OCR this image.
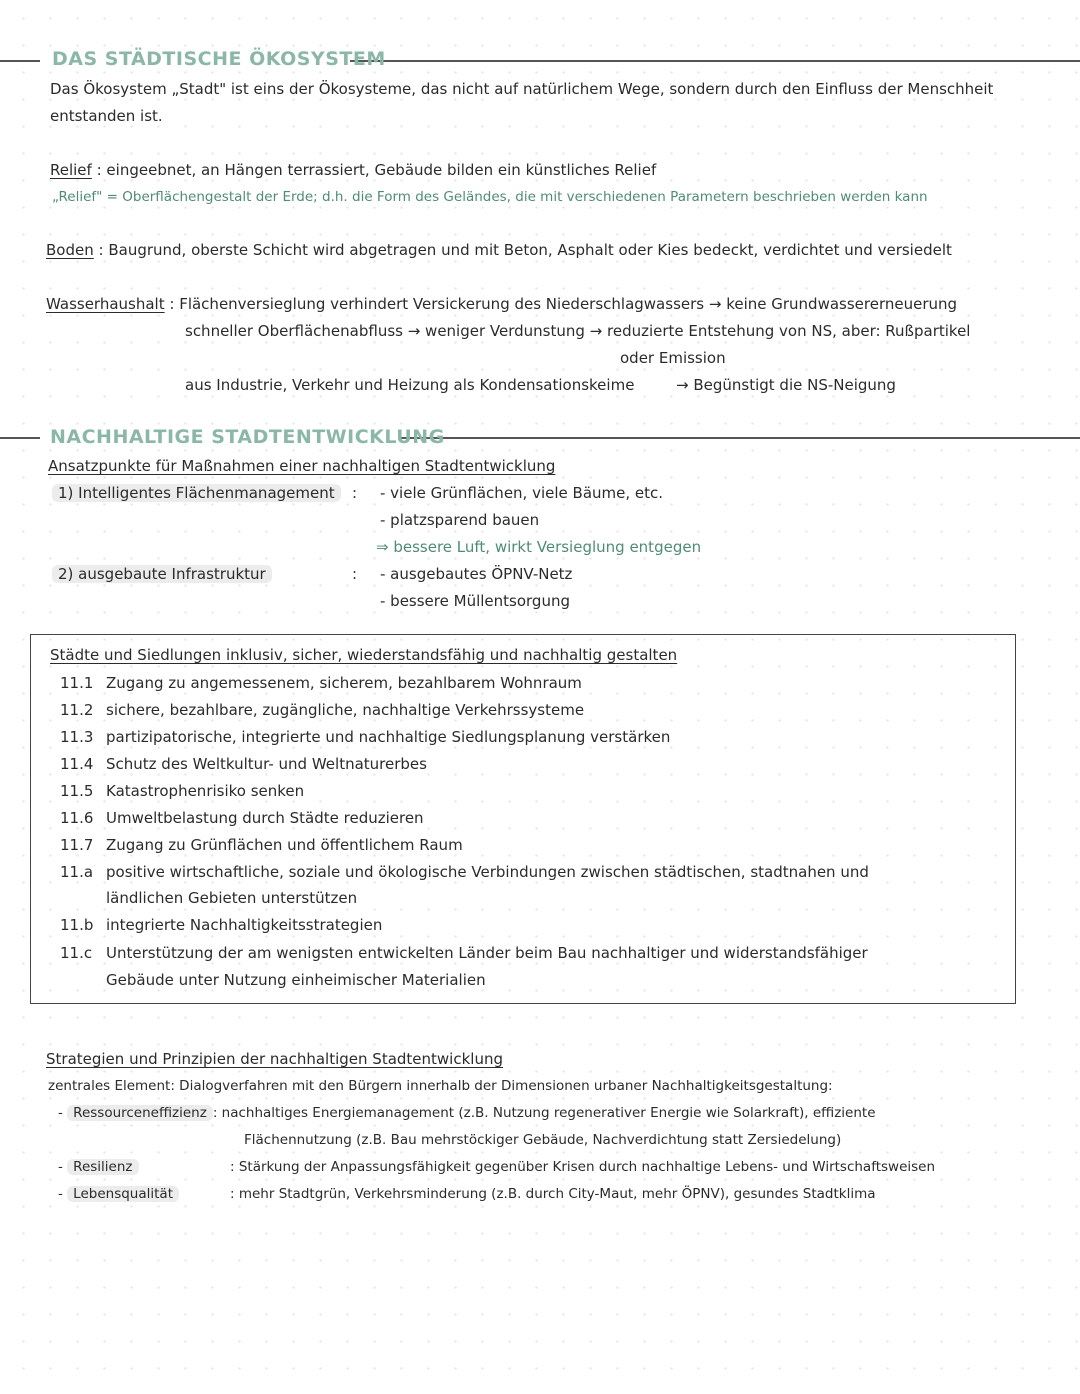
DAS STÄDTISCHE ÖKOSYSTEM
Das Ökosystem „Stadt" ist eins der Ökosysteme, das nicht auf natürlichem Wege, sondern durch den Einfluss der Menschheit
entstanden ist.
Relief : eingeebnet, an Hängen terrassiert, Gebäude bilden ein künstliches Relief
„Relief" = Oberflächengestalt der Erde; d.h. die Form des Geländes, die mit verschiedenen Parametern beschrieben werden kann
Boden : Baugrund, oberste Schicht wird abgetragen und mit Beton, Asphalt oder Kies bedeckt, verdichtet und versiedelt
Wasserhaushalt : Flächenversieglung verhindert Versickerung des Niederschlagwassers → keine Grundwassererneuerung
schneller Oberflächenabfluss → weniger Verdunstung → reduzierte Entstehung von NS, aber: Rußpartikel
oder Emission
aus Industrie, Verkehr und Heizung als Kondensationskeime	→ Begünstigt die NS-Neigung
NACHHALTIGE STADTENTWICKLUNG
Ansatzpunkte für Maßnahmen einer nachhaltigen Stadtentwicklung
1) Intelligentes Flächenmanagement	: - viele Grünflächen, viele Bäume, etc.
- platzsparend bauen
⇒ bessere Luft, wirkt Versieglung entgegen
2) ausgebaute Infrastruktur	: - ausgebautes ÖPNV-Netz
- bessere Müllentsorgung
Städte und Siedlungen inklusiv, sicher, wiederstandsfähig und nachhaltig gestalten
11.1 Zugang zu angemessenem, sicherem, bezahlbarem Wohnraum
11.2 sichere, bezahlbare, zugängliche, nachhaltige Verkehrssysteme
11.3 partizipatorische, integrierte und nachhaltige Siedlungsplanung verstärken
11.4 Schutz des Weltkultur- und Weltnaturerbes
11.5 Katastrophenrisiko senken
11.6 Umweltbelastung durch Städte reduzieren
11.7 Zugang zu Grünflächen und öffentlichem Raum
11.a positive wirtschaftliche, soziale und ökologische Verbindungen zwischen städtischen, stadtnahen und
ländlichen Gebieten unterstützen
11.b integrierte Nachhaltigkeitsstrategien
11.c Unterstützung der am wenigsten entwickelten Länder beim Bau nachhaltiger und widerstandsfähiger
Gebäude unter Nutzung einheimischer Materialien
Strategien und Prinzipien der nachhaltigen Stadtentwicklung
zentrales Element: Dialogverfahren mit den Bürgern innerhalb der Dimensionen urbaner Nachhaltigkeitsgestaltung:
- Ressourceneffizienz : nachhaltiges Energiemanagement (z.B. Nutzung regenerativer Energie wie Solarkraft), effiziente
Flächennutzung (z.B. Bau mehrstöckiger Gebäude, Nachverdichtung statt Zersiedelung)
- Resilienz	: Stärkung der Anpassungsfähigkeit gegenüber Krisen durch nachhaltige Lebens- und Wirtschaftsweisen
- Lebensqualität	: mehr Stadtgrün, Verkehrsminderung (z.B. durch City-Maut, mehr ÖPNV), gesundes Stadtklima
